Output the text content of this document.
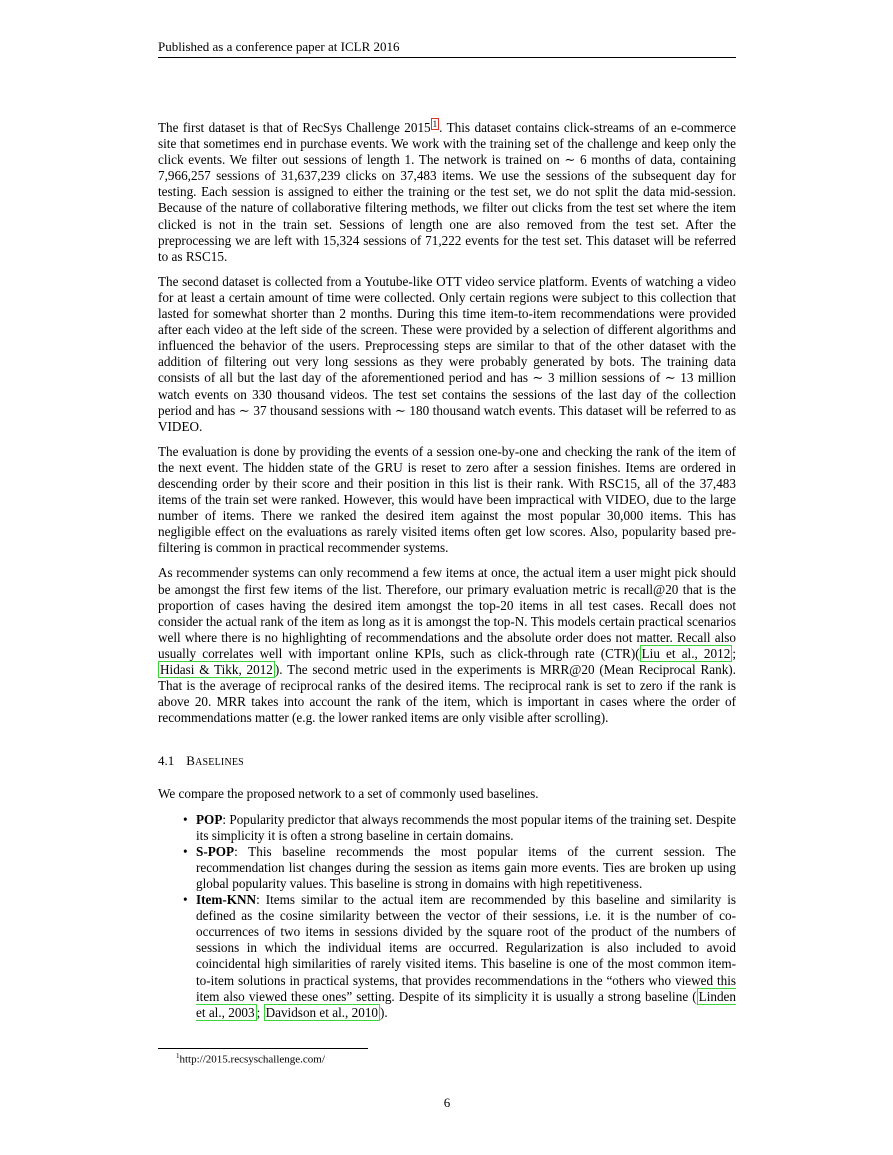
Published as a conference paper at ICLR 2016

The first dataset is that of RecSys Challenge 2015 $^1$ . This dataset contains click-streams of an e-commerce site that sometimes end in purchase events. We work with the training set of the challenge and keep only the click events. We filter out sessions of length 1. The network is trained on ∼ 6 months of data, containing 7,966,257 sessions of 31,637,239 clicks on 37,483 items. We use the sessions of the subsequent day for testing. Each session is assigned to either the training or the test set, we do not split the data mid-session. Because of the nature of collaborative filtering methods, we filter out clicks from the test set where the item clicked is not in the train set. Sessions of length one are also removed from the test set. After the preprocessing we are left with 15,324 sessions of 71,222 events for the test set. This dataset will be referred to as RSC15.

The second dataset is collected from a Youtube-like OTT video service platform. Events of watching a video for at least a certain amount of time were collected. Only certain regions were subject to this collection that lasted for somewhat shorter than 2 months. During this time item-to-item recommendations were provided after each video at the left side of the screen. These were provided by a selection of different algorithms and influenced the behavior of the users. Preprocessing steps are similar to that of the other dataset with the addition of filtering out very long sessions as they were probably generated by bots. The training data consists of all but the last day of the aforementioned period and has ∼ 3 million sessions of ∼ 13 million watch events on 330 thousand videos. The test set contains the sessions of the last day of the collection period and has ∼ 37 thousand sessions with ∼ 180 thousand watch events. This dataset will be referred to as VIDEO.

The evaluation is done by providing the events of a session one-by-one and checking the rank of the item of the next event. The hidden state of the GRU is reset to zero after a session finishes. Items are ordered in descending order by their score and their position in this list is their rank. With RSC15, all of the 37,483 items of the train set were ranked. However, this would have been impractical with VIDEO, due to the large number of items. There we ranked the desired item against the most popular 30,000 items. This has negligible effect on the evaluations as rarely visited items often get low scores. Also, popularity based pre-filtering is common in practical recommender systems.

As recommender systems can only recommend a few items at once, the actual item a user might pick should be amongst the first few items of the list. Therefore, our primary evaluation metric is recall@20 that is the proportion of cases having the desired item amongst the top-20 items in all test cases. Recall does not consider the actual rank of the item as long as it is amongst the top-N. This models certain practical scenarios well where there is no highlighting of recommendations and the absolute order does not matter. Recall also usually correlates well with important online KPIs, such as click-through rate (CTR)( Liu et al., 2012 ; Hidasi & Tikk, 2012 ). The second metric used in the experiments is MRR@20 (Mean Reciprocal Rank). That is the average of reciprocal ranks of the desired items. The reciprocal rank is set to zero if the rank is above 20. MRR takes into account the rank of the item, which is important in cases where the order of recommendations matter (e.g. the lower ranked items are only visible after scrolling).

4.1 BASELINES

We compare the proposed network to a set of commonly used baselines.

• POP: Popularity predictor that always recommends the most popular items of the training set. Despite its simplicity it is often a strong baseline in certain domains.
• S-POP: This baseline recommends the most popular items of the current session. The recommendation list changes during the session as items gain more events. Ties are broken up using global popularity values. This baseline is strong in domains with high repetitiveness.
• Item-KNN: Items similar to the actual item are recommended by this baseline and similarity is defined as the cosine similarity between the vector of their sessions, i.e. it is the number of co-occurrences of two items in sessions divided by the square root of the product of the numbers of sessions in which the individual items are occurred. Regularization is also included to avoid coincidental high similarities of rarely visited items. This baseline is one of the most common item-to-item solutions in practical systems, that provides recommendations in the “others who viewed this item also viewed these ones” setting. Despite of its simplicity it is usually a strong baseline ( Linden et al., 2003 ; Davidson et al., 2010 ).
$^1$http://2015.recsyschallenge.com/
6
